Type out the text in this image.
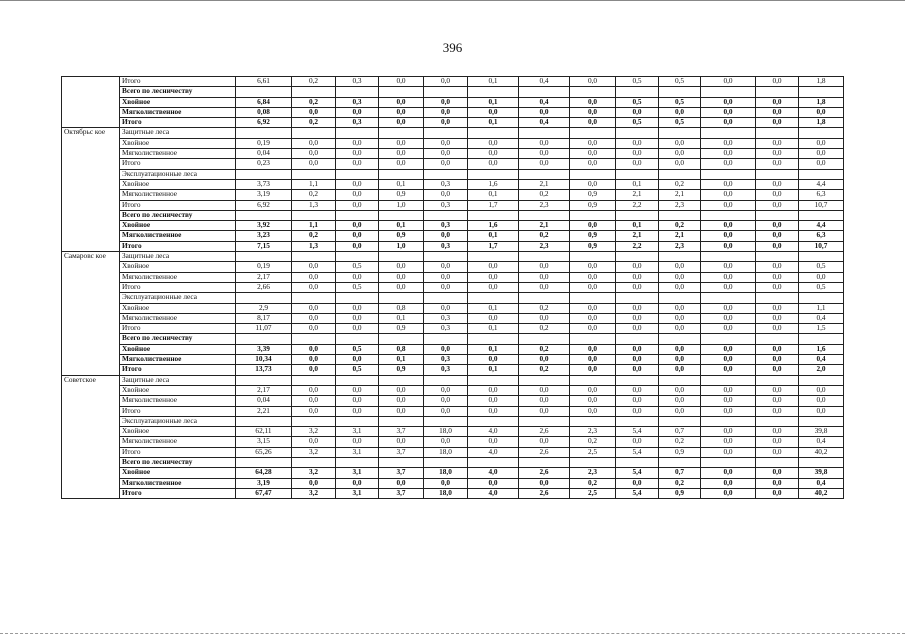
396
	Итого	6,61	0,2	0,3	0,0	0,0	0,1	0,4	0,0	0,5	0,5	0,0	0,0	1,8
	Всего по лесничеству													
	Хвойное	6,84	0,2	0,3	0,0	0,0	0,1	0,4	0,0	0,5	0,5	0,0	0,0	1,8
	Мягколиственное	0,08	0,0	0,0	0,0	0,0	0,0	0,0	0,0	0,0	0,0	0,0	0,0	0,0
	Итого	6,92	0,2	0,3	0,0	0,0	0,1	0,4	0,0	0,5	0,5	0,0	0,0	1,8
Октябрьс кое	Защитные леса													
	Хвойное	0,19	0,0	0,0	0,0	0,0	0,0	0,0	0,0	0,0	0,0	0,0	0,0	0,0
	Мягколиственное	0,04	0,0	0,0	0,0	0,0	0,0	0,0	0,0	0,0	0,0	0,0	0,0	0,0
	Итого	0,23	0,0	0,0	0,0	0,0	0,0	0,0	0,0	0,0	0,0	0,0	0,0	0,0
	Эксплуатационные леса													
	Хвойное	3,73	1,1	0,0	0,1	0,3	1,6	2,1	0,0	0,1	0,2	0,0	0,0	4,4
	Мягколиственное	3,19	0,2	0,0	0,9	0,0	0,1	0,2	0,9	2,1	2,1	0,0	0,0	6,3
	Итого	6,92	1,3	0,0	1,0	0,3	1,7	2,3	0,9	2,2	2,3	0,0	0,0	10,7
	Всего по лесничеству													
	Хвойное	3,92	1,1	0,0	0,1	0,3	1,6	2,1	0,0	0,1	0,2	0,0	0,0	4,4
	Мягколиственное	3,23	0,2	0,0	0,9	0,0	0,1	0,2	0,9	2,1	2,1	0,0	0,0	6,3
	Итого	7,15	1,3	0,0	1,0	0,3	1,7	2,3	0,9	2,2	2,3	0,0	0,0	10,7
Самаровс кое	Защитные леса													
	Хвойное	0,19	0,0	0,5	0,0	0,0	0,0	0,0	0,0	0,0	0,0	0,0	0,0	0,5
	Мягколиственное	2,17	0,0	0,0	0,0	0,0	0,0	0,0	0,0	0,0	0,0	0,0	0,0	0,0
	Итого	2,66	0,0	0,5	0,0	0,0	0,0	0,0	0,0	0,0	0,0	0,0	0,0	0,5
	Эксплуатационные леса													
	Хвойное	2,9	0,0	0,0	0,8	0,0	0,1	0,2	0,0	0,0	0,0	0,0	0,0	1,1
	Мягколиственное	8,17	0,0	0,0	0,1	0,3	0,0	0,0	0,0	0,0	0,0	0,0	0,0	0,4
	Итого	11,07	0,0	0,0	0,9	0,3	0,1	0,2	0,0	0,0	0,0	0,0	0,0	1,5
	Всего по лесничеству													
	Хвойное	3,39	0,0	0,5	0,8	0,0	0,1	0,2	0,0	0,0	0,0	0,0	0,0	1,6
	Мягколиственное	10,34	0,0	0,0	0,1	0,3	0,0	0,0	0,0	0,0	0,0	0,0	0,0	0,4
	Итого	13,73	0,0	0,5	0,9	0,3	0,1	0,2	0,0	0,0	0,0	0,0	0,0	2,0
Советское	Защитные леса													
	Хвойное	2,17	0,0	0,0	0,0	0,0	0,0	0,0	0,0	0,0	0,0	0,0	0,0	0,0
	Мягколиственное	0,04	0,0	0,0	0,0	0,0	0,0	0,0	0,0	0,0	0,0	0,0	0,0	0,0
	Итого	2,21	0,0	0,0	0,0	0,0	0,0	0,0	0,0	0,0	0,0	0,0	0,0	0,0
	Эксплуатационные леса													
	Хвойное	62,11	3,2	3,1	3,7	18,0	4,0	2,6	2,3	5,4	0,7	0,0	0,0	39,8
	Мягколиственное	3,15	0,0	0,0	0,0	0,0	0,0	0,0	0,2	0,0	0,2	0,0	0,0	0,4
	Итого	65,26	3,2	3,1	3,7	18,0	4,0	2,6	2,5	5,4	0,9	0,0	0,0	40,2
	Всего по лесничеству													
	Хвойное	64,28	3,2	3,1	3,7	18,0	4,0	2,6	2,3	5,4	0,7	0,0	0,0	39,8
	Мягколиственное	3,19	0,0	0,0	0,0	0,0	0,0	0,0	0,2	0,0	0,2	0,0	0,0	0,4
	Итого	67,47	3,2	3,1	3,7	18,0	4,0	2,6	2,5	5,4	0,9	0,0	0,0	40,2
